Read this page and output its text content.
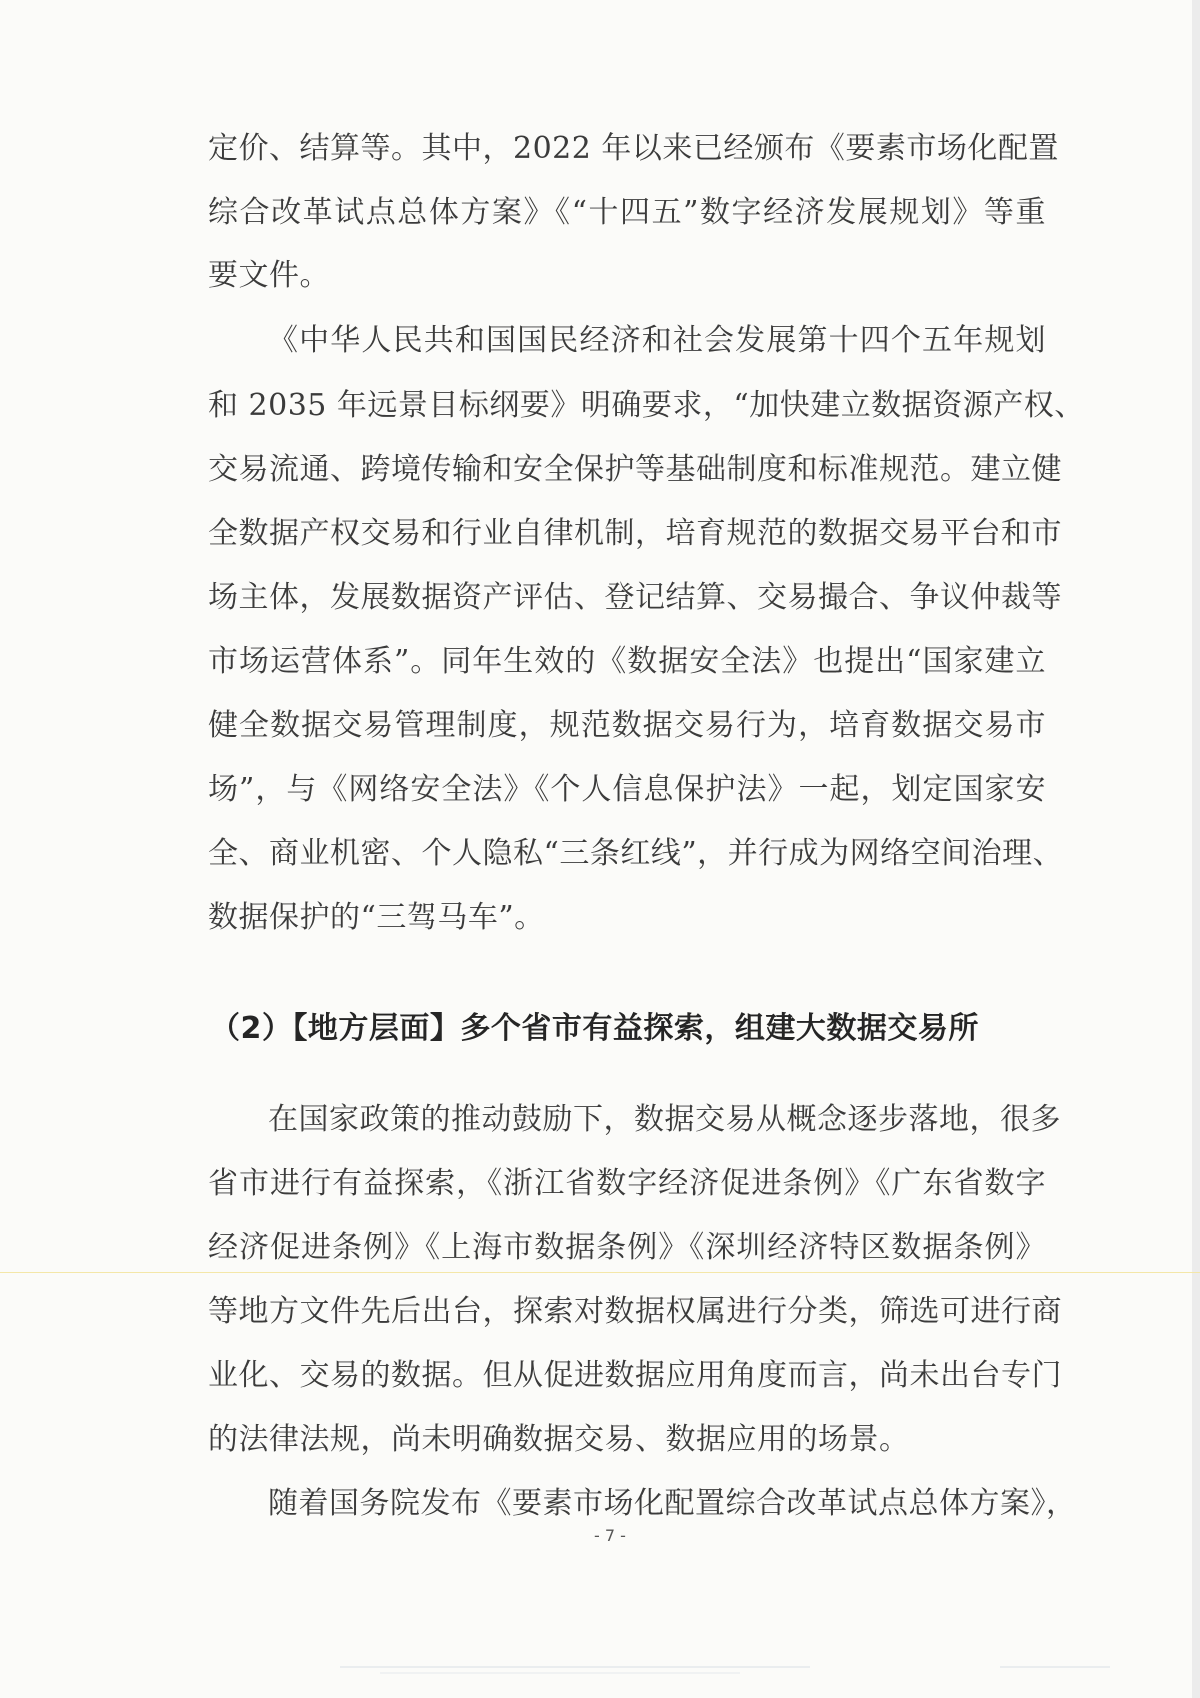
定价、结算等。其中，2022 年以来已经颁布《要素市场化配置

综合改革试点总体方案》《“十四五”数字经济发展规划》等重

要文件。

《中华人民共和国国民经济和社会发展第十四个五年规划

和 2035 年远景目标纲要》明确要求，“加快建立数据资源产权、

交易流通、跨境传输和安全保护等基础制度和标准规范。建立健

全数据产权交易和行业自律机制，培育规范的数据交易平台和市

场主体，发展数据资产评估、登记结算、交易撮合、争议仲裁等

市场运营体系”。同年生效的《数据安全法》也提出“国家建立

健全数据交易管理制度，规范数据交易行为，培育数据交易市

场”，与《网络安全法》《个人信息保护法》一起，划定国家安

全、商业机密、个人隐私“三条红线”，并行成为网络空间治理、

数据保护的“三驾马车”。

（2）【地方层面】多个省市有益探索，组建大数据交易所

在国家政策的推动鼓励下，数据交易从概念逐步落地，很多

省市进行有益探索，《浙江省数字经济促进条例》《广东省数字

经济促进条例》《上海市数据条例》《深圳经济特区数据条例》

等地方文件先后出台，探索对数据权属进行分类，筛选可进行商

业化、交易的数据。但从促进数据应用角度而言，尚未出台专门

的法律法规，尚未明确数据交易、数据应用的场景。

随着国务院发布《要素市场化配置综合改革试点总体方案》，

- 7 -
